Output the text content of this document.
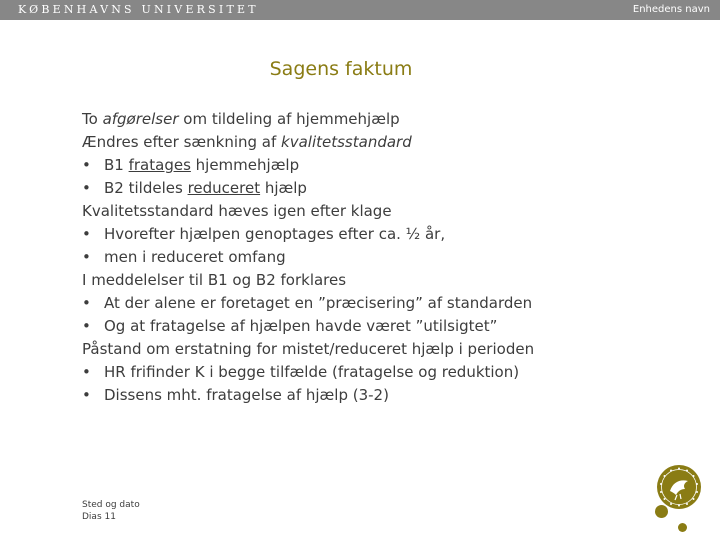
KØBENHAVNS UNIVERSITET	Enhedens navn
Sagens faktum
To afgørelser om tildeling af hjemmehjælp
Ændres efter sænkning af kvalitetsstandard
• B1 fratages hjemmehjælp
• B2 tildeles reduceret hjælp
Kvalitetsstandard hæves igen efter klage
• Hvorefter hjælpen genoptages efter ca. ½ år,
• men i reduceret omfang
I meddelelser til B1 og B2 forklares
• At der alene er foretaget en ”præcisering” af standarden
• Og at fratagelse af hjælpen havde været ”utilsigtet”
Påstand om erstatning for mistet/reduceret hjælp i perioden
• HR frifinder K i begge tilfælde (fratagelse og reduktion)
• Dissens mht. fratagelse af hjælp (3-2)
Sted og dato
Dias 11
